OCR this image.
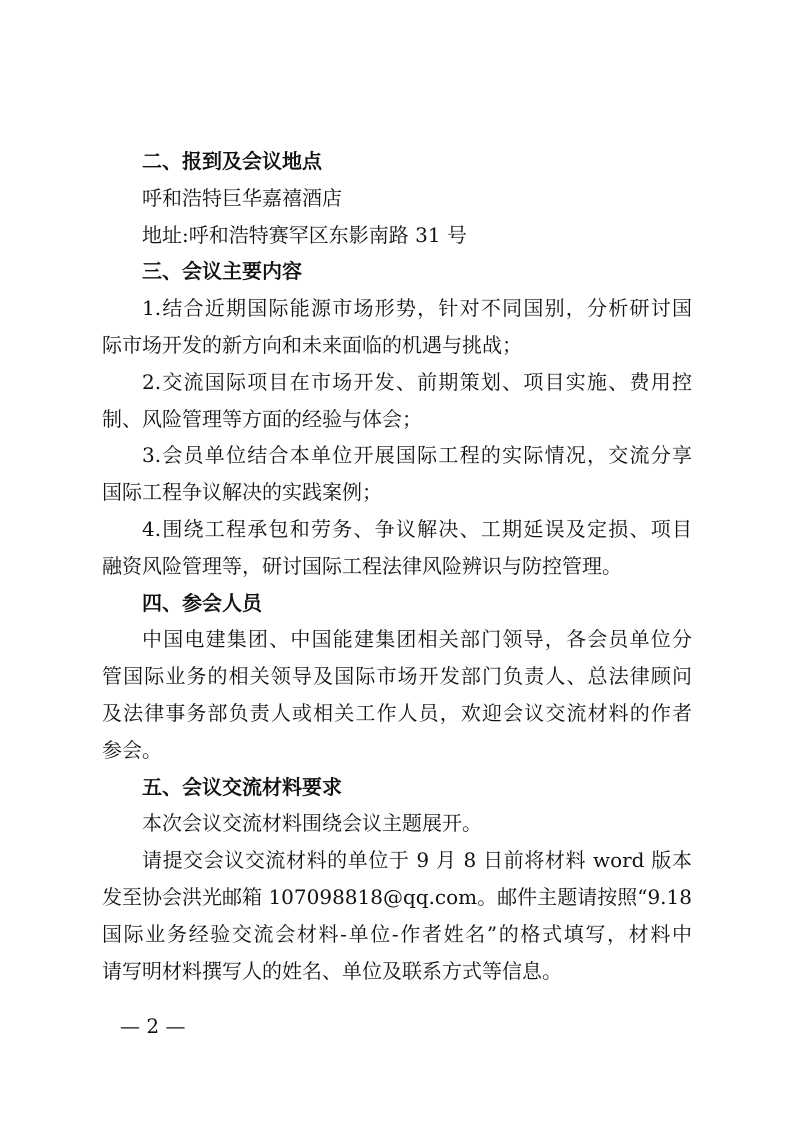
二、报到及会议地点
呼和浩特巨华嘉禧酒店
地址:呼和浩特赛罕区东影南路 31 号
三、会议主要内容
1.结合近期国际能源市场形势，针对不同国别，分析研讨国
际市场开发的新方向和未来面临的机遇与挑战；
2.交流国际项目在市场开发、前期策划、项目实施、费用控
制、风险管理等方面的经验与体会；
3.会员单位结合本单位开展国际工程的实际情况，交流分享
国际工程争议解决的实践案例；
4.围绕工程承包和劳务、争议解决、工期延误及定损、项目
融资风险管理等，研讨国际工程法律风险辨识与防控管理。
四、参会人员
中国电建集团、中国能建集团相关部门领导，各会员单位分
管国际业务的相关领导及国际市场开发部门负责人、总法律顾问
及法律事务部负责人或相关工作人员，欢迎会议交流材料的作者
参会。
五、会议交流材料要求
本次会议交流材料围绕会议主题展开。
请提交会议交流材料的单位于 9 月 8 日前将材料 word 版本
发至协会洪光邮箱 107098818@qq.com。邮件主题请按照“9.18
国际业务经验交流会材料-单位-作者姓名”的格式填写，材料中
请写明材料撰写人的姓名、单位及联系方式等信息。
— 2 —
